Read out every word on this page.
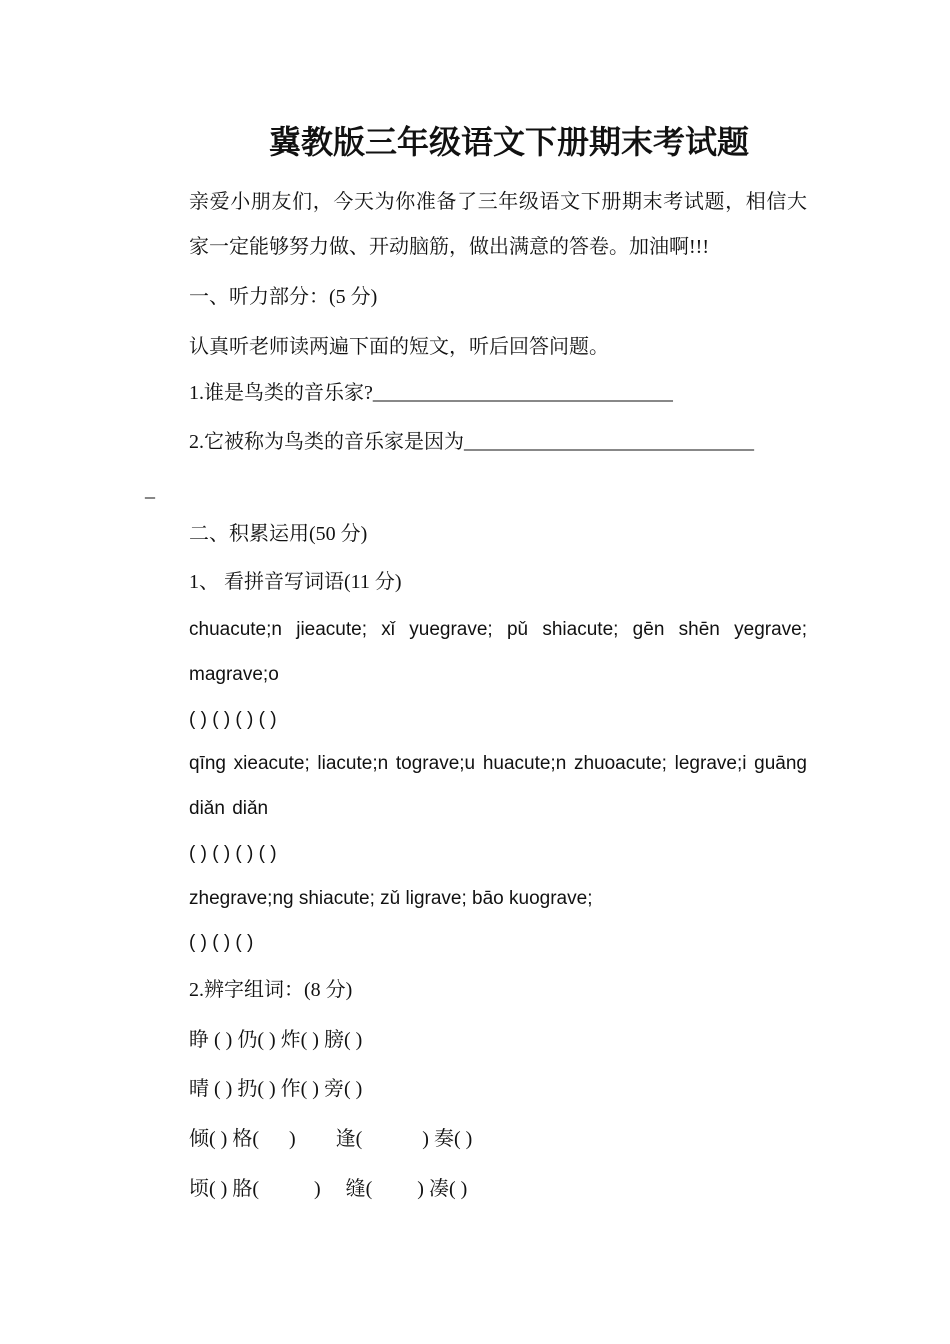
冀教版三年级语文下册期末考试题
亲爱小朋友们，今天为你准备了三年级语文下册期末考试题，相信大家一定能够努力做、开动脑筋，做出满意的答卷。加油啊!!!
一、听力部分：(5 分)
认真听老师读两遍下面的短文，听后回答问题。
1.谁是鸟类的音乐家?______________________________
2.它被称为鸟类的音乐家是因为_____________________________
_
二、积累运用(50 分)
1、 看拼音写词语(11 分)
chuacute;n jieacute; xǐ yuegrave; pǔ shiacute; gēn shēn yegrave; magrave;o
( ) ( ) ( ) ( )
qīng xieacute; liacute;n tograve;u huacute;n zhuoacute; legrave;i guāng diǎn diǎn
( ) ( ) ( ) ( )
zhegrave;ng shiacute; zǔ ligrave; bāo kuograve;
( ) ( ) ( )
2.辨字组词：(8 分)
睁 ( ) 仍( ) 炸( ) 膀( )
晴 ( ) 扔( ) 作( ) 旁( )
倾( ) 格(      )        逢(            ) 奏( )
顷( ) 胳(           )     缝(         ) 凑( )
